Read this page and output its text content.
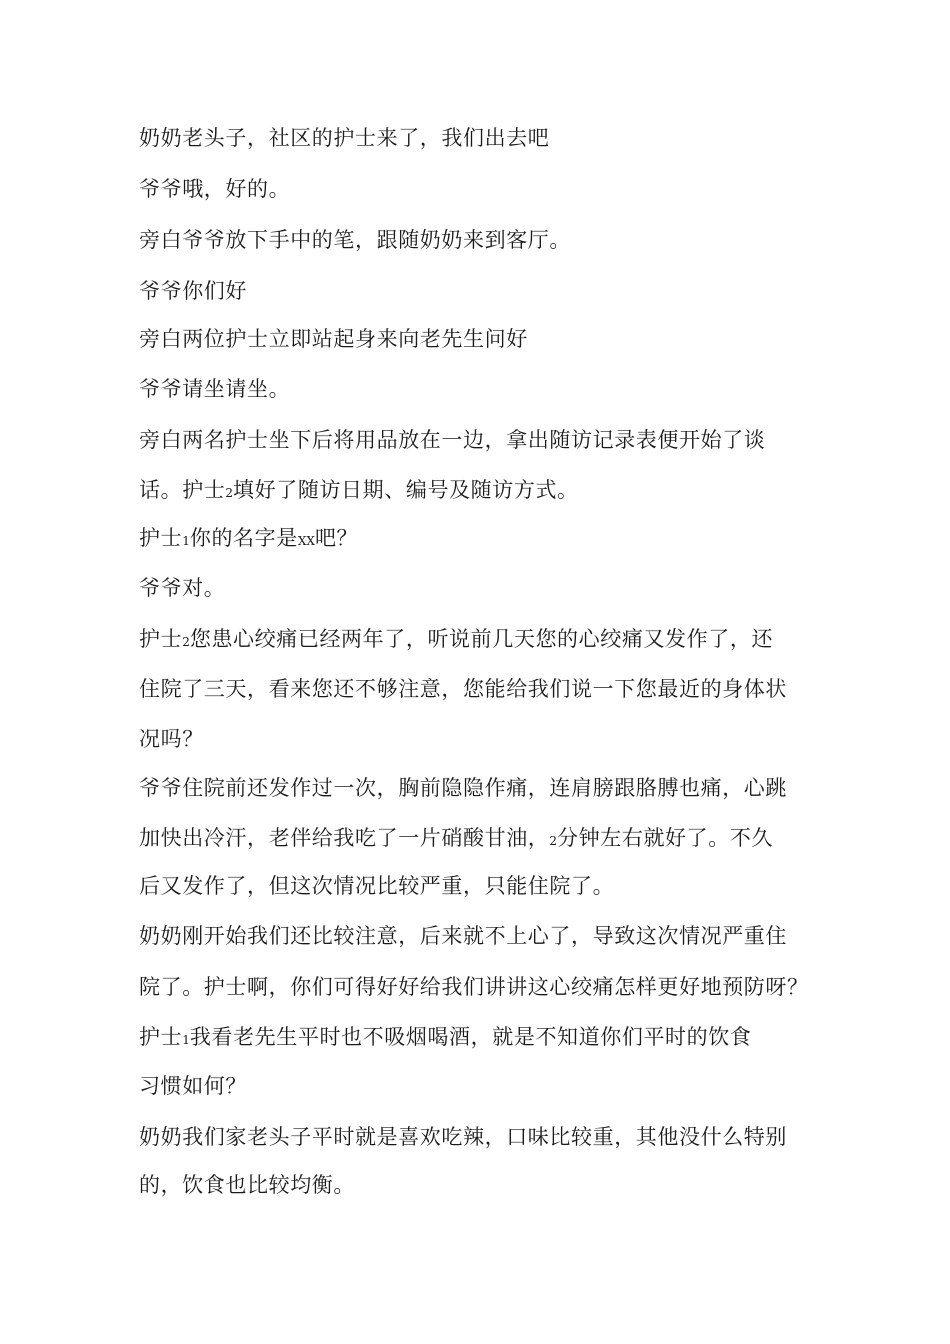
奶奶老头子，社区的护士来了，我们出去吧

爷爷哦，好的。

旁白爷爷放下手中的笔，跟随奶奶来到客厅。

爷爷你们好

旁白两位护士立即站起身来向老先生问好

爷爷请坐请坐。

旁白两名护士坐下后将用品放在一边，拿出随访记录表便开始了谈

话。护士2填好了随访日期、编号及随访方式。

护士1你的名字是XX吧？

爷爷对。

护士2您患心绞痛已经两年了，听说前几天您的心绞痛又发作了，还

住院了三天，看来您还不够注意，您能给我们说一下您最近的身体状

况吗？

爷爷住院前还发作过一次，胸前隐隐作痛，连肩膀跟胳膊也痛，心跳

加快出冷汗，老伴给我吃了一片硝酸甘油，2分钟左右就好了。不久

后又发作了，但这次情况比较严重，只能住院了。

奶奶刚开始我们还比较注意，后来就不上心了，导致这次情况严重住

院了。护士啊，你们可得好好给我们讲讲这心绞痛怎样更好地预防呀？

护士1我看老先生平时也不吸烟喝酒，就是不知道你们平时的饮食

习惯如何？

奶奶我们家老头子平时就是喜欢吃辣，口味比较重，其他没什么特别

的，饮食也比较均衡。
